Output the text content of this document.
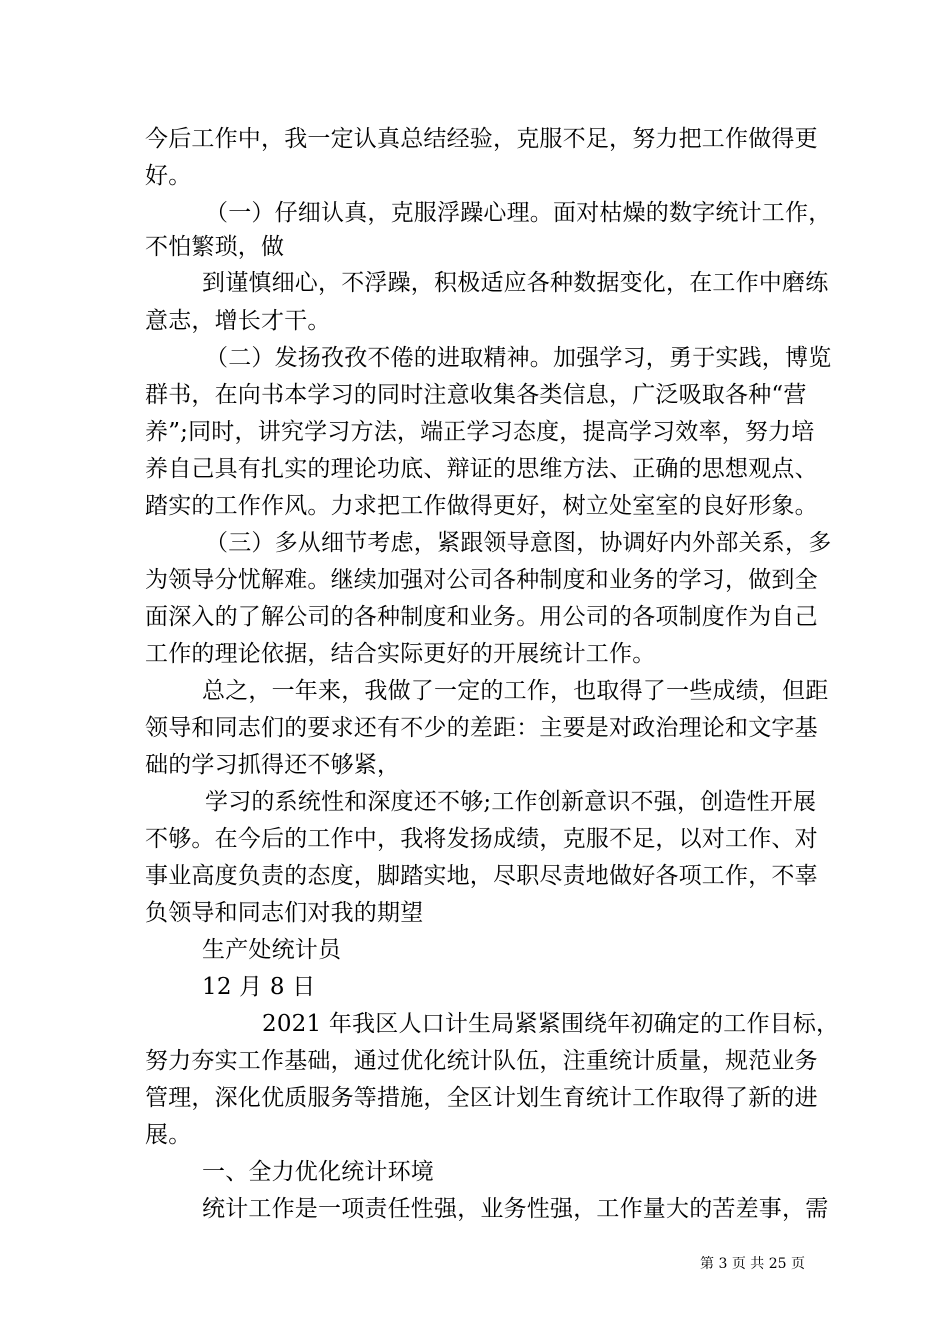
今后工作中，我一定认真总结经验，克服不足，努力把工作做得更
好。
（一）仔细认真，克服浮躁心理。面对枯燥的数字统计工作，
不怕繁琐，做
到谨慎细心，不浮躁，积极适应各种数据变化，在工作中磨练
意志，增长才干。
（二）发扬孜孜不倦的进取精神。加强学习，勇于实践，博览
群书，在向书本学习的同时注意收集各类信息，广泛吸取各种“营
养”;同时，讲究学习方法，端正学习态度，提高学习效率，努力培
养自己具有扎实的理论功底、辩证的思维方法、正确的思想观点、
踏实的工作作风。力求把工作做得更好，树立处室室的良好形象。
（三）多从细节考虑，紧跟领导意图，协调好内外部关系，多
为领导分忧解难。继续加强对公司各种制度和业务的学习，做到全
面深入的了解公司的各种制度和业务。用公司的各项制度作为自己
工作的理论依据，结合实际更好的开展统计工作。
总之，一年来，我做了一定的工作，也取得了一些成绩，但距
领导和同志们的要求还有不少的差距：主要是对政治理论和文字基
础的学习抓得还不够紧，
学习的系统性和深度还不够;工作创新意识不强，创造性开展
不够。在今后的工作中，我将发扬成绩，克服不足，以对工作、对
事业高度负责的态度，脚踏实地，尽职尽责地做好各项工作，不辜
负领导和同志们对我的期望
生产处统计员
12 月 8 日
2021 年我区人口计生局紧紧围绕年初确定的工作目标，
努力夯实工作基础，通过优化统计队伍，注重统计质量，规范业务
管理，深化优质服务等措施，全区计划生育统计工作取得了新的进
展。
一、全力优化统计环境
统计工作是一项责任性强，业务性强，工作量大的苦差事，需
第 3 页 共 25 页
